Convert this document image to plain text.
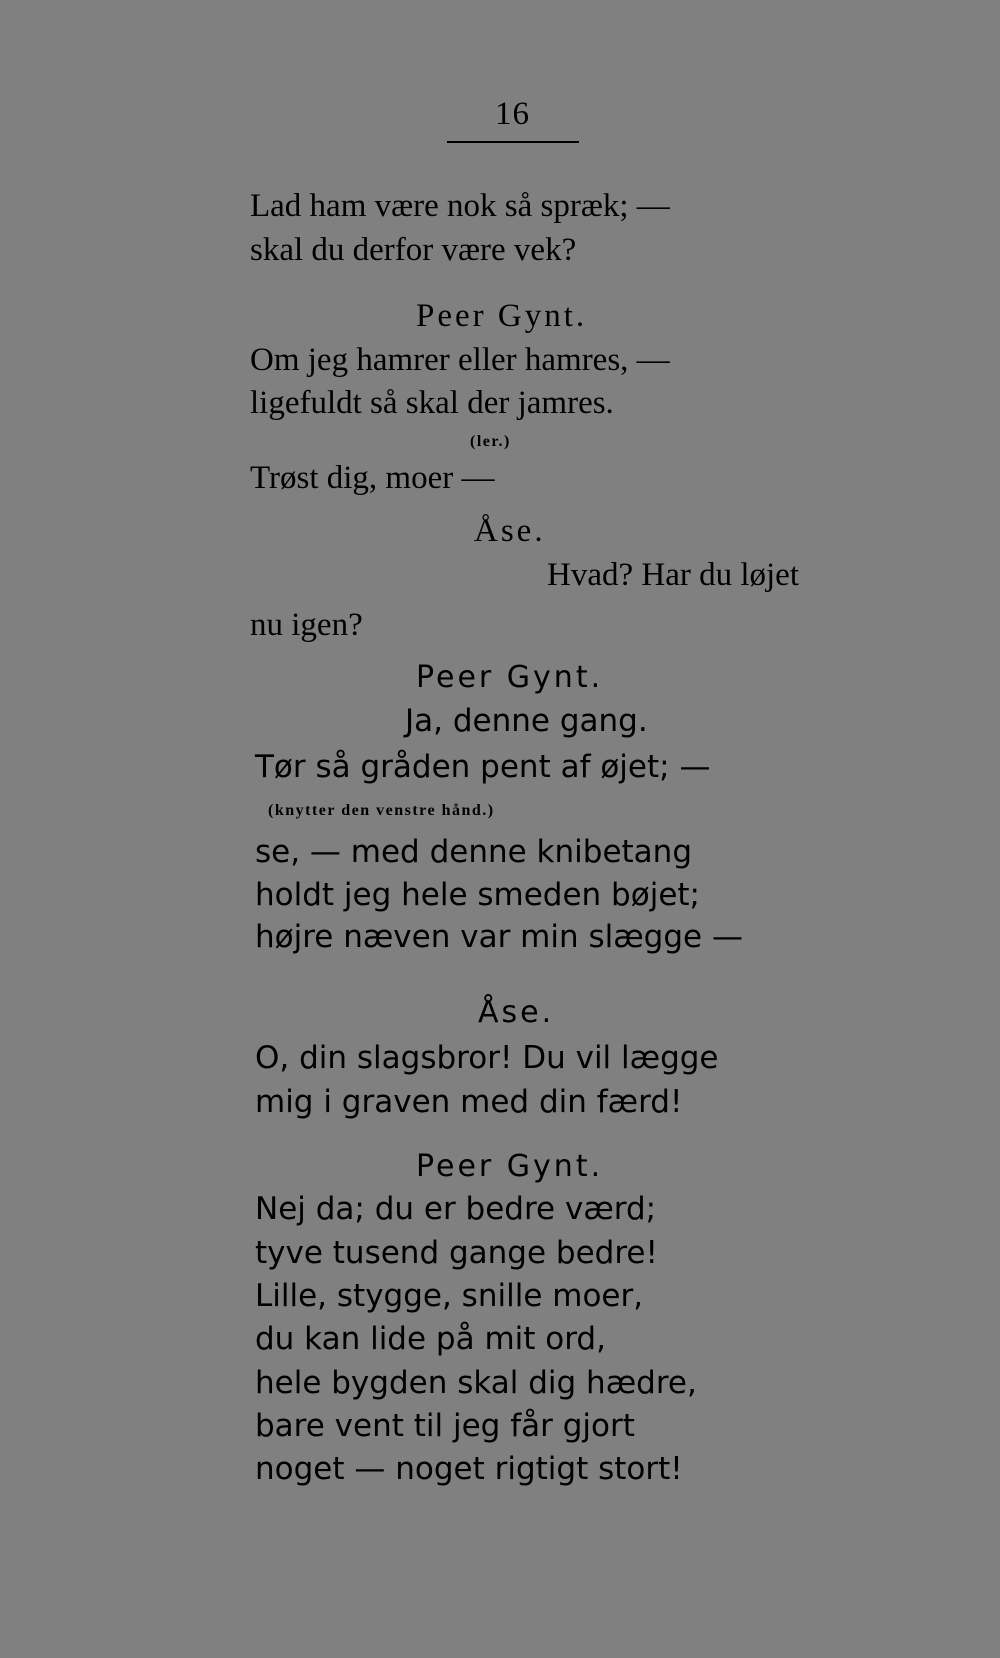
16
Lad ham være nok så spræk; —
skal du derfor være vek?
Peer Gynt.
Om jeg hamrer eller hamres, —
ligefuldt så skal der jamres.
(ler.)
Trøst dig, moer —
Åse.
Hvad? Har du løjet
nu igen?
Peer Gynt.
Ja, denne gang.
Tør så gråden pent af øjet; —
(knytter den venstre hånd.)
se, — med denne knibetang
holdt jeg hele smeden bøjet;
højre næven var min slægge —
Åse.
O, din slagsbror! Du vil lægge
mig i graven med din færd!
Peer Gynt.
Nej da; du er bedre værd;
tyve tusend gange bedre!
Lille, stygge, snille moer,
du kan lide på mit ord,
hele bygden skal dig hædre,
bare vent til jeg får gjort
noget — noget rigtigt stort!
